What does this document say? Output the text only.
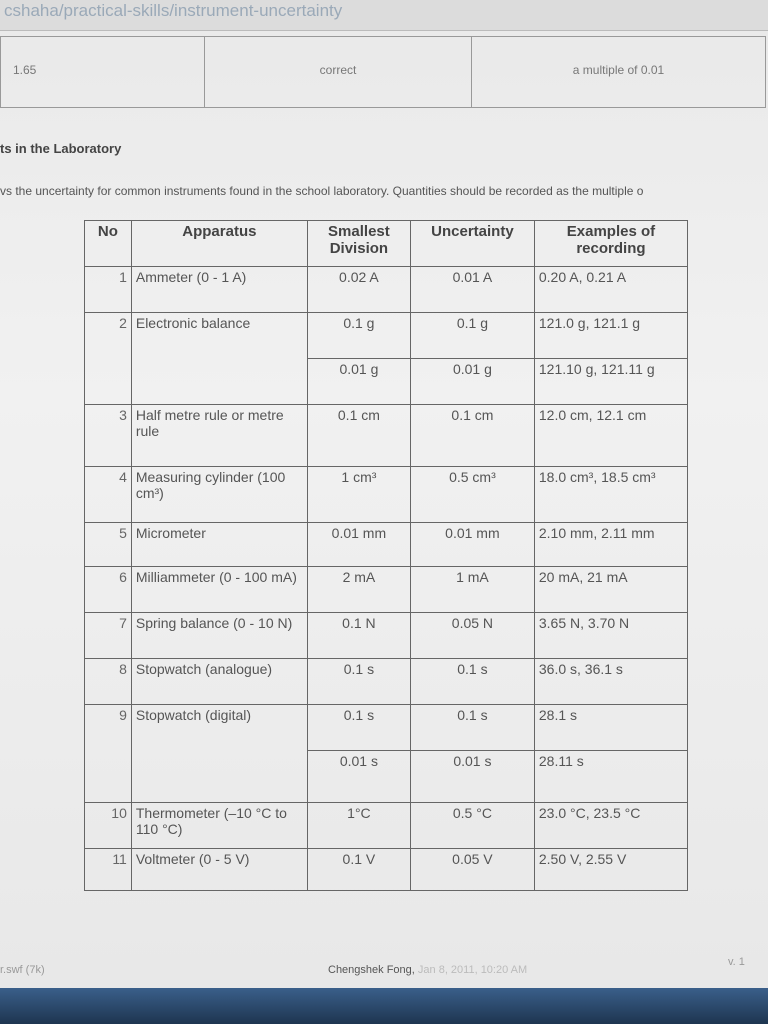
cshaha/practical-skills/instrument-uncertainty
1.65	correct	a multiple of 0.01
ts in the Laboratory
vs the uncertainty for common instruments found in the school laboratory. Quantities should be recorded as the multiple o
No	Apparatus	Smallest Division	Uncertainty	Examples of recording
1	Ammeter (0 - 1 A)	0.02 A	0.01 A	0.20 A, 0.21 A
2	Electronic balance	0.1 g	0.1 g	121.0 g, 121.1 g
		0.01 g	0.01 g	121.10 g, 121.11 g
3	Half metre rule or metre rule	0.1 cm	0.1 cm	12.0 cm, 12.1 cm
4	Measuring cylinder (100 cm³)	1 cm³	0.5 cm³	18.0 cm³, 18.5 cm³
5	Micrometer	0.01 mm	0.01 mm	2.10 mm, 2.11 mm
6	Milliammeter (0 - 100 mA)	2 mA	1 mA	20 mA, 21 mA
7	Spring balance (0 - 10 N)	0.1 N	0.05 N	3.65 N, 3.70 N
8	Stopwatch (analogue)	0.1 s	0.1 s	36.0 s, 36.1 s
9	Stopwatch (digital)	0.1 s	0.1 s	28.1 s
		0.01 s	0.01 s	28.11 s
10	Thermometer (–10 °C to 110 °C)	1°C	0.5 °C	23.0 °C, 23.5 °C
11	Voltmeter (0 - 5 V)	0.1 V	0.05 V	2.50 V, 2.55 V
r.swf (7k)	Chengshek Fong, Jan 8, 2011, 10:20 AM
v. 1
